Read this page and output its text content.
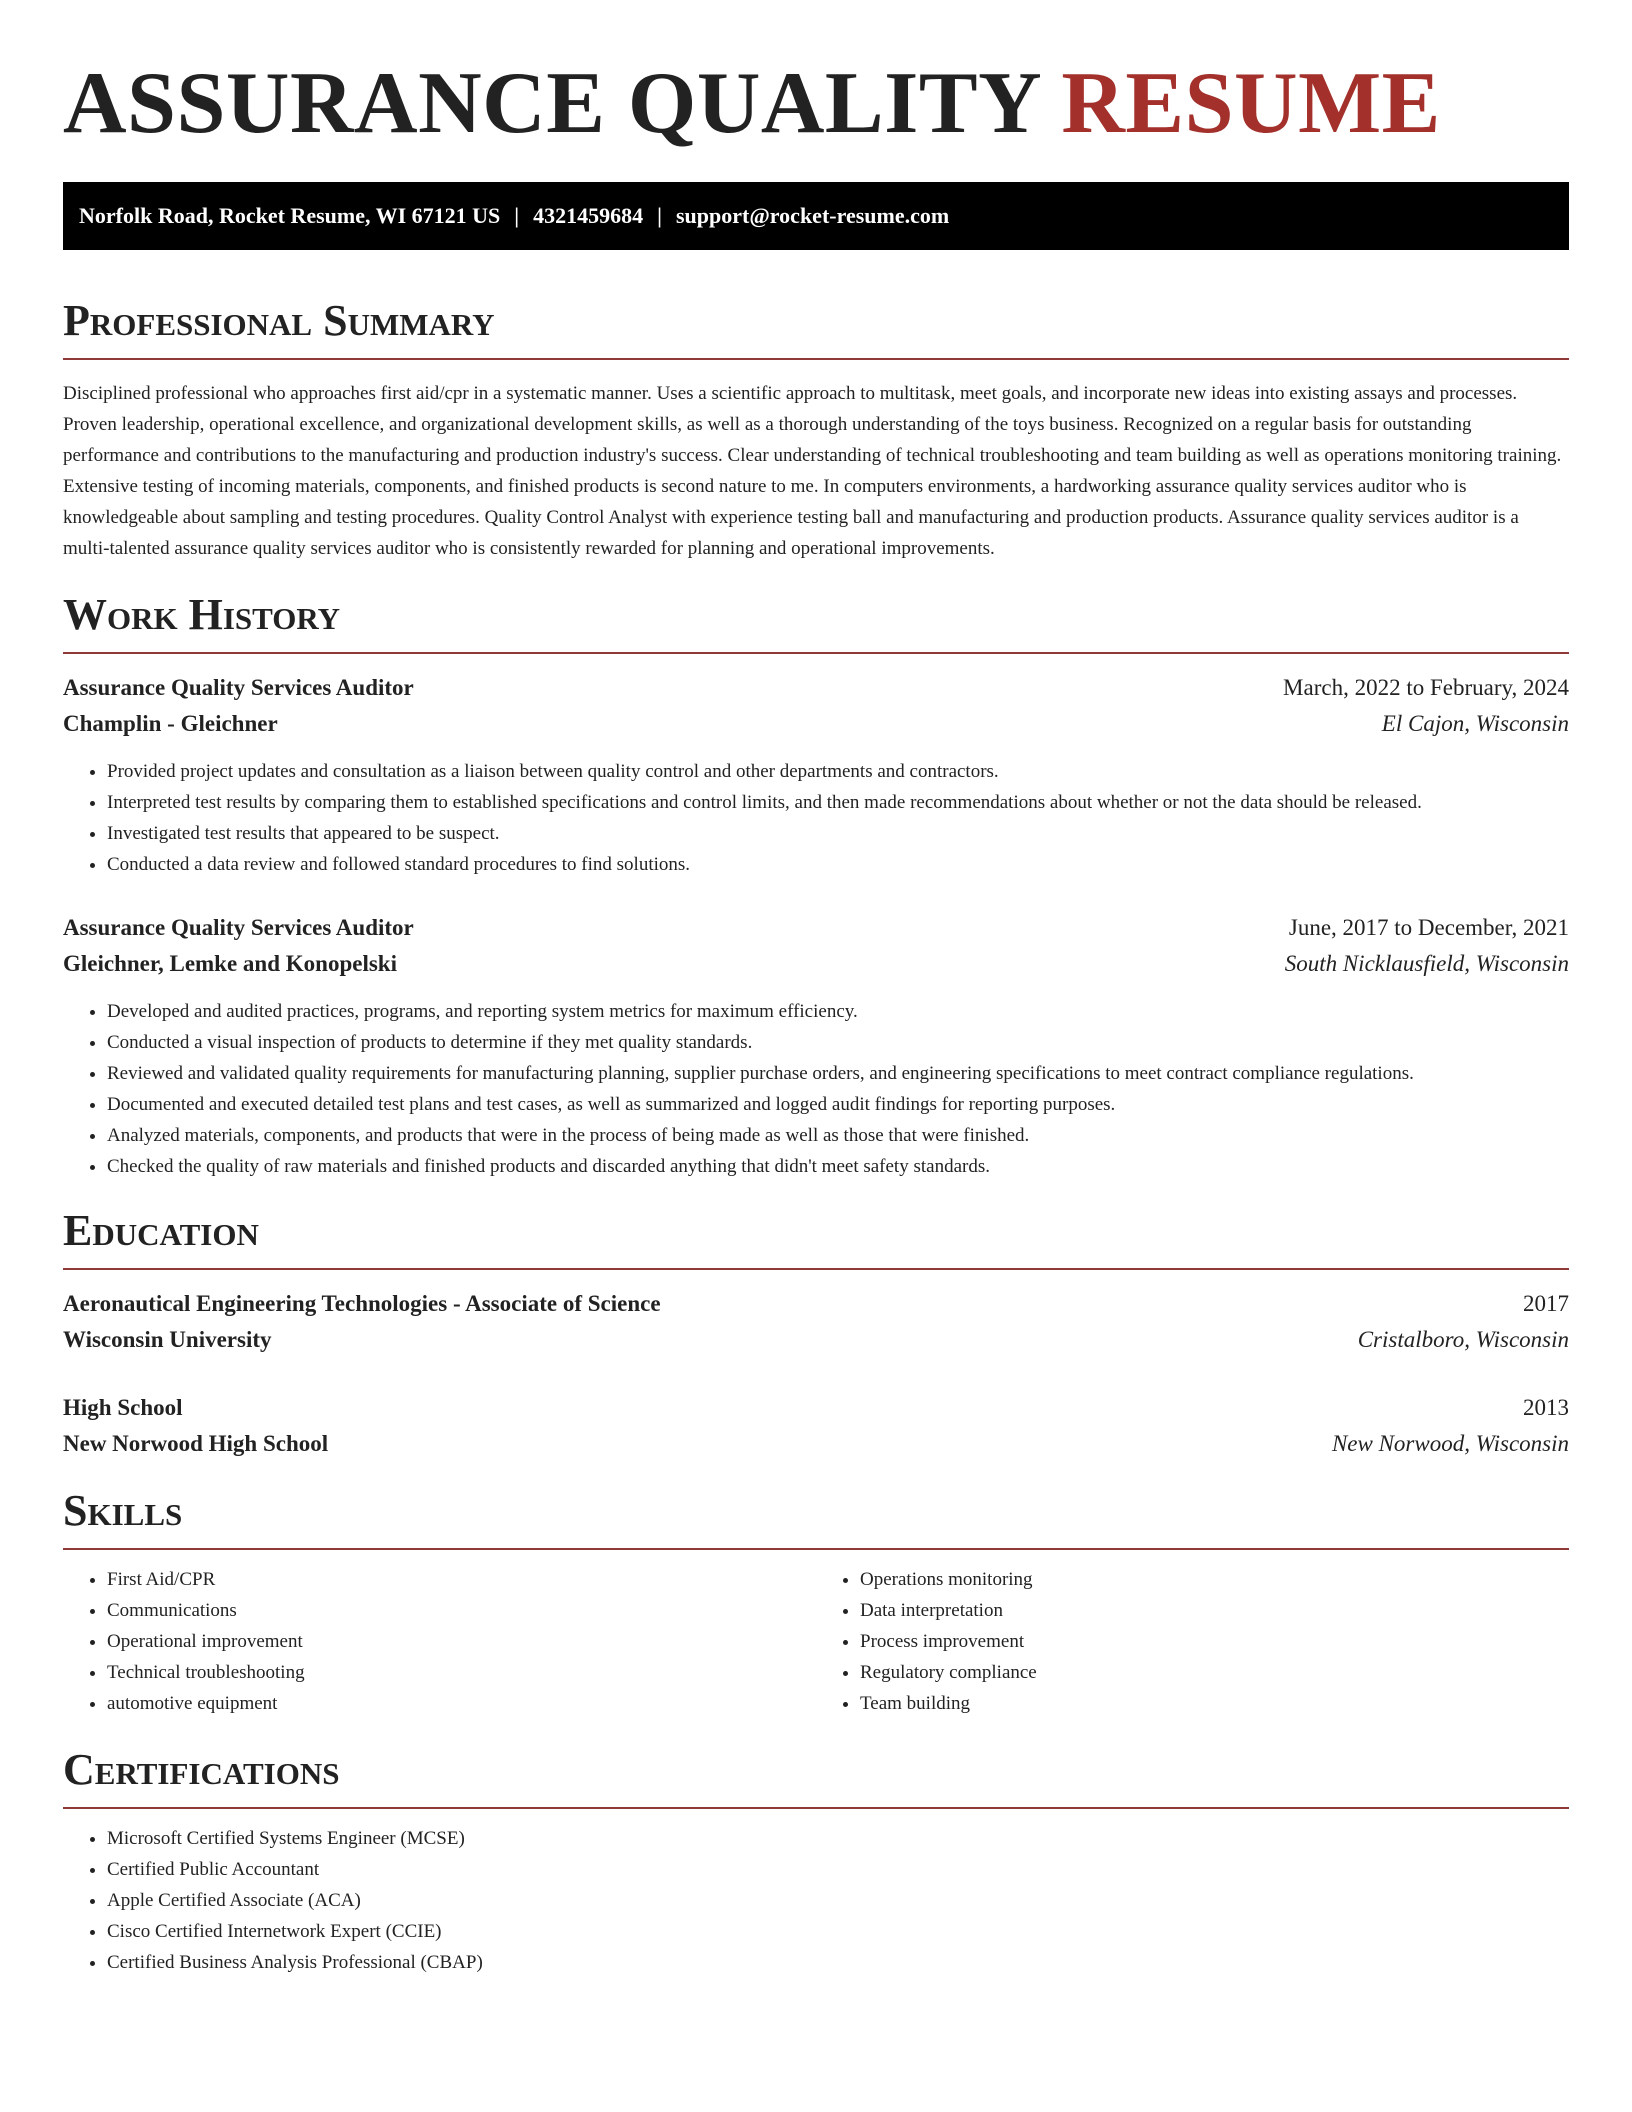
ASSURANCE QUALITY RESUME
Norfolk Road, Rocket Resume, WI 67121 US | 4321459684 | support@rocket-resume.com
Professional Summary

Disciplined professional who approaches first aid/cpr in a systematic manner. Uses a scientific approach to multitask, meet goals, and incorporate new ideas into existing assays and processes. Proven leadership, operational excellence, and organizational development skills, as well as a thorough understanding of the toys business. Recognized on a regular basis for outstanding performance and contributions to the manufacturing and production industry's success. Clear understanding of technical troubleshooting and team building as well as operations monitoring training. Extensive testing of incoming materials, components, and finished products is second nature to me. In computers environments, a hardworking assurance quality services auditor who is knowledgeable about sampling and testing procedures. Quality Control Analyst with experience testing ball and manufacturing and production products. Assurance quality services auditor is a multi-talented assurance quality services auditor who is consistently rewarded for planning and operational improvements.

Work History
Assurance Quality Services Auditor	March, 2022 to February, 2024
Champlin - Gleichner	El Cajon, Wisconsin
• Provided project updates and consultation as a liaison between quality control and other departments and contractors.
• Interpreted test results by comparing them to established specifications and control limits, and then made recommendations about whether or not the data should be released.
• Investigated test results that appeared to be suspect.
• Conducted a data review and followed standard procedures to find solutions.
Assurance Quality Services Auditor	June, 2017 to December, 2021
Gleichner, Lemke and Konopelski	South Nicklausfield, Wisconsin
• Developed and audited practices, programs, and reporting system metrics for maximum efficiency.
• Conducted a visual inspection of products to determine if they met quality standards.
• Reviewed and validated quality requirements for manufacturing planning, supplier purchase orders, and engineering specifications to meet contract compliance regulations.
• Documented and executed detailed test plans and test cases, as well as summarized and logged audit findings for reporting purposes.
• Analyzed materials, components, and products that were in the process of being made as well as those that were finished.
• Checked the quality of raw materials and finished products and discarded anything that didn't meet safety standards.
Education
Aeronautical Engineering Technologies - Associate of Science	2017
Wisconsin University	Cristalboro, Wisconsin
High School	2013
New Norwood High School	New Norwood, Wisconsin
Skills
• First Aid/CPR
• Communications
• Operational improvement
• Technical troubleshooting
• automotive equipment
• Operations monitoring
• Data interpretation
• Process improvement
• Regulatory compliance
• Team building
Certifications
• Microsoft Certified Systems Engineer (MCSE)
• Certified Public Accountant
• Apple Certified Associate (ACA)
• Cisco Certified Internetwork Expert (CCIE)
• Certified Business Analysis Professional (CBAP)
